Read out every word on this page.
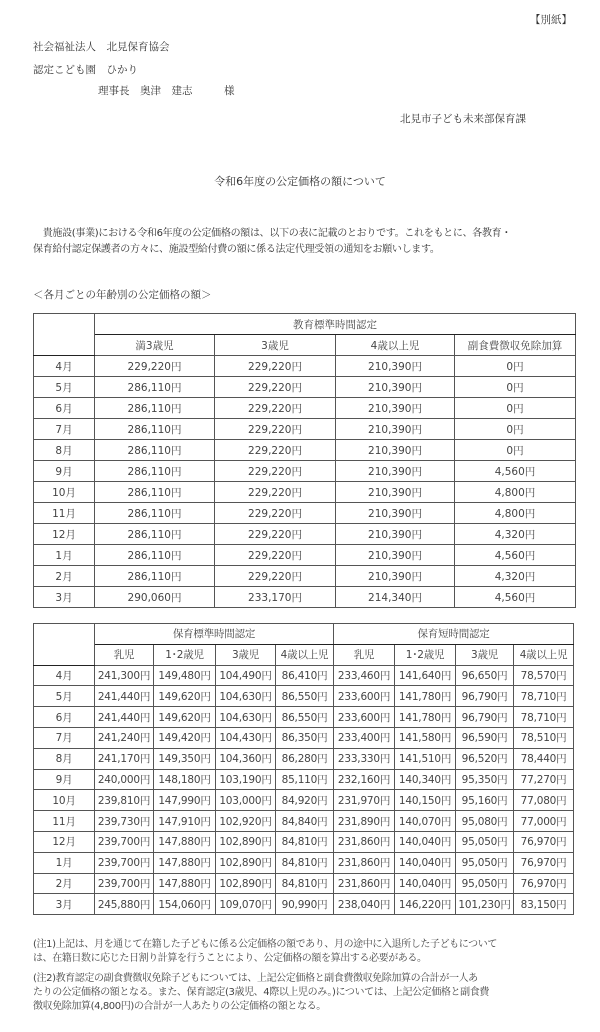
【別紙】
社会福祉法人　北見保育協会
認定こども園　ひかり
理事長　奥津　建志　　　様
北見市子ども未来部保育課
令和6年度の公定価格の額について
　貴施設(事業)における令和6年度の公定価格の額は、以下の表に記載のとおりです。これをもとに、各教育・
保育給付認定保護者の方々に、施設型給付費の額に係る法定代理受領の通知をお願いします。
＜各月ごとの年齢別の公定価格の額＞
	教育標準時間認定			
	満3歳児	3歳児	4歳以上児	副食費徴収免除加算
4月	229,220円	229,220円	210,390円	0円
5月	286,110円	229,220円	210,390円	0円
6月	286,110円	229,220円	210,390円	0円
7月	286,110円	229,220円	210,390円	0円
8月	286,110円	229,220円	210,390円	0円
9月	286,110円	229,220円	210,390円	4,560円
10月	286,110円	229,220円	210,390円	4,800円
11月	286,110円	229,220円	210,390円	4,800円
12月	286,110円	229,220円	210,390円	4,320円
1月	286,110円	229,220円	210,390円	4,560円
2月	286,110円	229,220円	210,390円	4,320円
3月	290,060円	233,170円	214,340円	4,560円
	保育標準時間認定				保育短時間認定			
	乳児	1･2歳児	3歳児	4歳以上児	乳児	1･2歳児	3歳児	4歳以上児
4月	241,300円	149,480円	104,490円	86,410円	233,460円	141,640円	96,650円	78,570円
5月	241,440円	149,620円	104,630円	86,550円	233,600円	141,780円	96,790円	78,710円
6月	241,440円	149,620円	104,630円	86,550円	233,600円	141,780円	96,790円	78,710円
7月	241,240円	149,420円	104,430円	86,350円	233,400円	141,580円	96,590円	78,510円
8月	241,170円	149,350円	104,360円	86,280円	233,330円	141,510円	96,520円	78,440円
9月	240,000円	148,180円	103,190円	85,110円	232,160円	140,340円	95,350円	77,270円
10月	239,810円	147,990円	103,000円	84,920円	231,970円	140,150円	95,160円	77,080円
11月	239,730円	147,910円	102,920円	84,840円	231,890円	140,070円	95,080円	77,000円
12月	239,700円	147,880円	102,890円	84,810円	231,860円	140,040円	95,050円	76,970円
1月	239,700円	147,880円	102,890円	84,810円	231,860円	140,040円	95,050円	76,970円
2月	239,700円	147,880円	102,890円	84,810円	231,860円	140,040円	95,050円	76,970円
3月	245,880円	154,060円	109,070円	90,990円	238,040円	146,220円	101,230円	83,150円
(注1)上記は、月を通じて在籍した子どもに係る公定価格の額であり、月の途中に入退所した子どもについて
は、在籍日数に応じた日割り計算を行うことにより、公定価格の額を算出する必要がある。
(注2)教育認定の副食費徴収免除子どもについては、上記公定価格と副食費徴収免除加算の合計が一人あ
たりの公定価格の額となる。また、保育認定(3歳児、4際以上児のみ。)については、上記公定価格と副食費
徴収免除加算(4,800円)の合計が一人あたりの公定価格の額となる。
